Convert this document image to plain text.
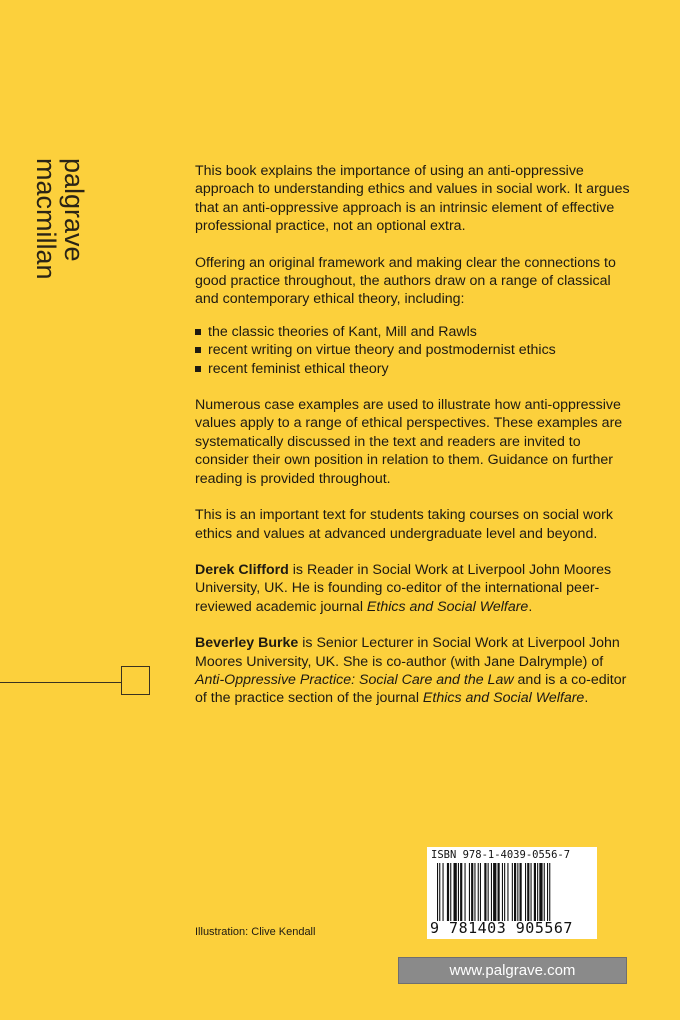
palgrave
macmillan	This book explains the importance of using an anti-oppressive approach to understanding ethics and values in social work. It argues that an anti-oppressive approach is an intrinsic element of effective professional practice, not an optional extra.

Offering an original framework and making clear the connections to good practice throughout, the authors draw on a range of classical and contemporary ethical theory, including:

the classic theories of Kant, Mill and Rawls
recent writing on virtue theory and postmodernist ethics
recent feminist ethical theory

Numerous case examples are used to illustrate how anti-oppressive values apply to a range of ethical perspectives. These examples are systematically discussed in the text and readers are invited to consider their own position in relation to them. Guidance on further reading is provided throughout.

This is an important text for students taking courses on social work ethics and values at advanced undergraduate level and beyond.

Derek Clifford is Reader in Social Work at Liverpool John Moores University, UK. He is founding co-editor of the international peer-reviewed academic journal Ethics and Social Welfare.

Beverley Burke is Senior Lecturer in Social Work at Liverpool John Moores University, UK. She is co-author (with Jane Dalrymple) of Anti-Oppressive Practice: Social Care and the Law and is a co-editor of the practice section of the journal Ethics and Social Welfare.

Illustration: Clive Kendall
ISBN 978-1-4039-0556-7
9 781403 905567
www.palgrave.com
